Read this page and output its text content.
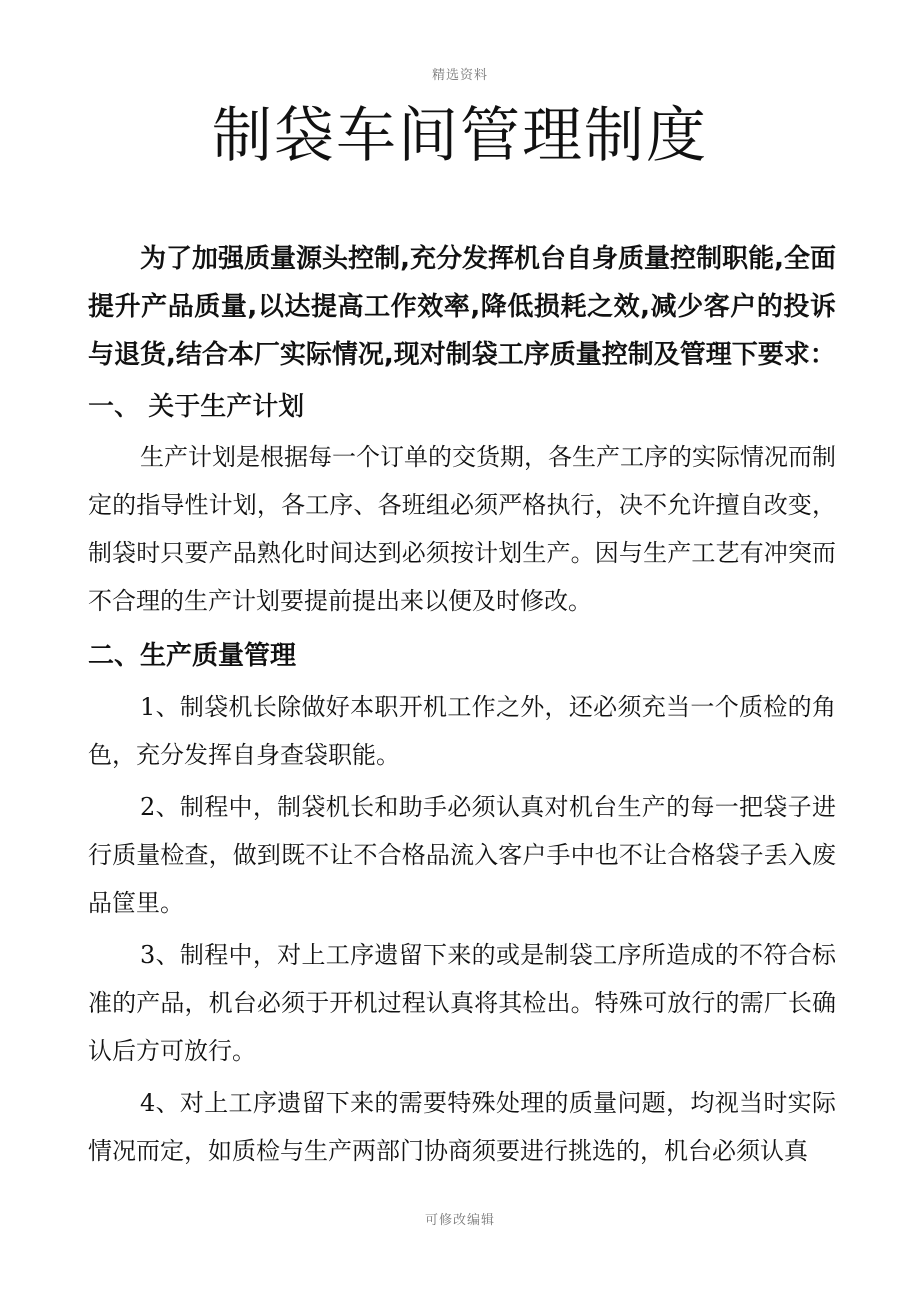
精选资料
制袋车间管理制度

为了加强质量源头控制,充分发挥机台自身质量控制职能,全面提升产品质量,以达提高工作效率,降低损耗之效,减少客户的投诉与退货,结合本厂实际情况,现对制袋工序质量控制及管理下要求：

一、 关于生产计划

生产计划是根据每一个订单的交货期，各生产工序的实际情况而制定的指导性计划，各工序、各班组必须严格执行，决不允许擅自改变，制袋时只要产品熟化时间达到必须按计划生产。因与生产工艺有冲突而不合理的生产计划要提前提出来以便及时修改。

二、生产质量管理

1、制袋机长除做好本职开机工作之外，还必须充当一个质检的角色，充分发挥自身查袋职能。

2、制程中，制袋机长和助手必须认真对机台生产的每一把袋子进行质量检查，做到既不让不合格品流入客户手中也不让合格袋子丢入废品筐里。

3、制程中，对上工序遗留下来的或是制袋工序所造成的不符合标准的产品，机台必须于开机过程认真将其检出。特殊可放行的需厂长确认后方可放行。

4、对上工序遗留下来的需要特殊处理的质量问题，均视当时实际情况而定，如质检与生产两部门协商须要进行挑选的，机台必须认真

可修改编辑
